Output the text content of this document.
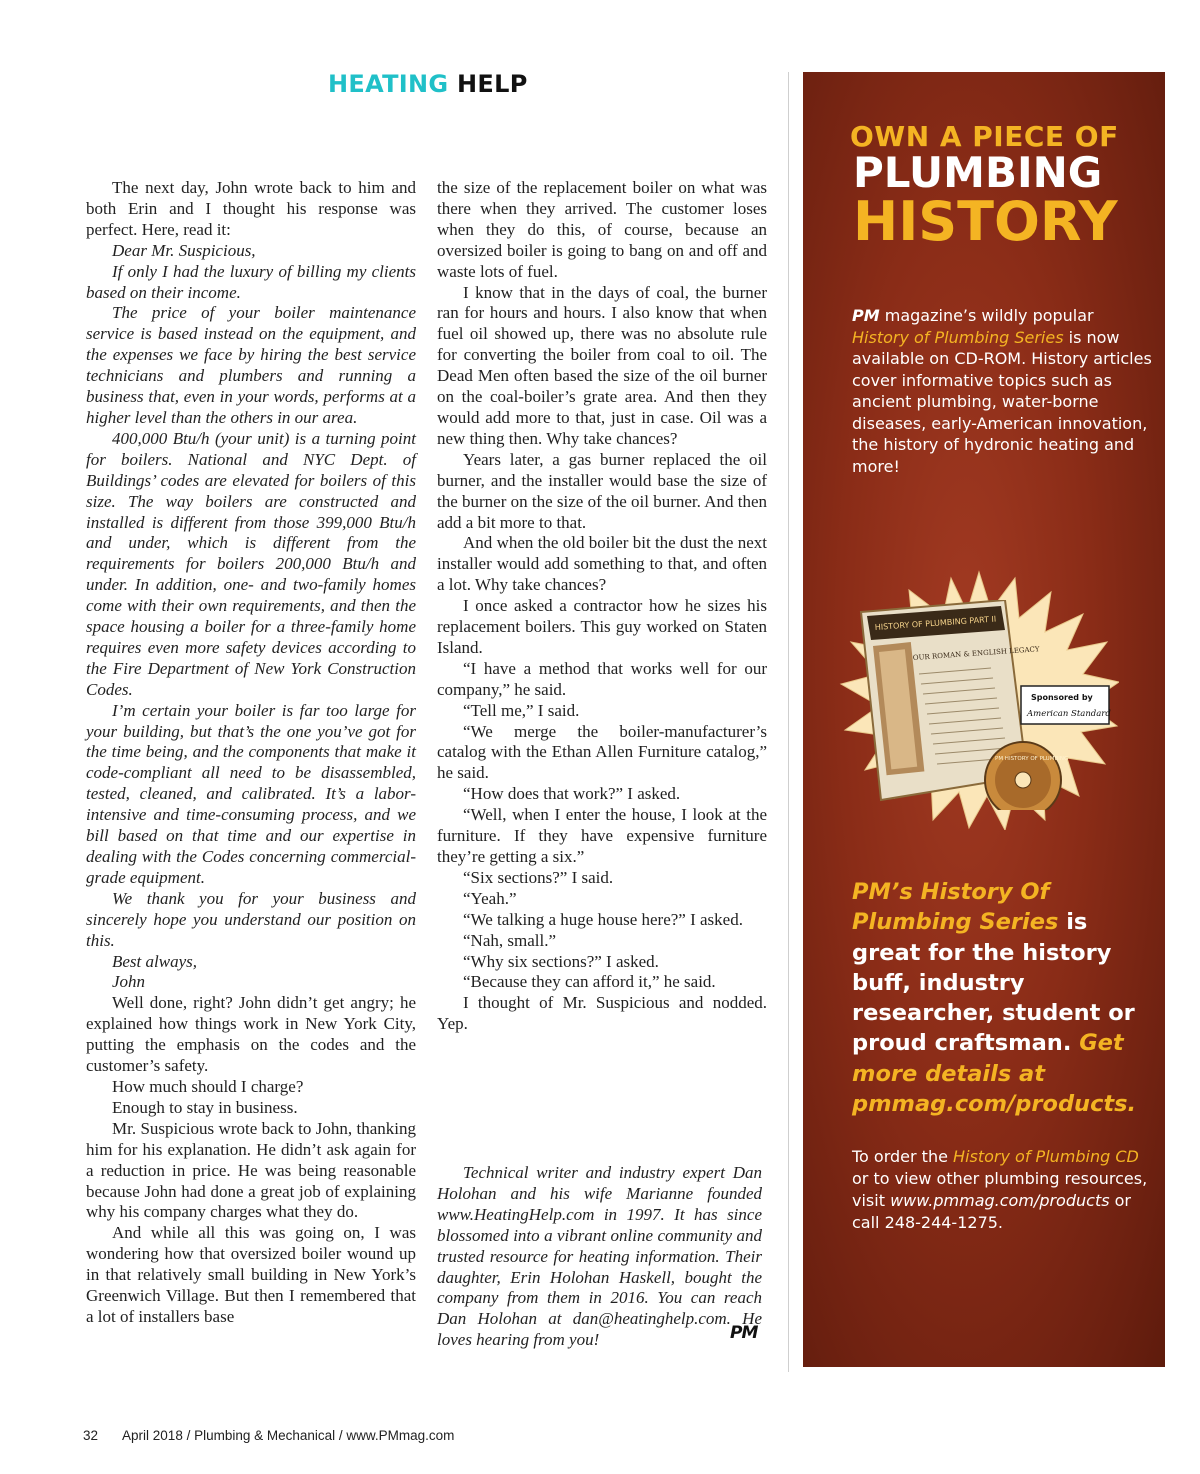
HEATING HELP

The next day, John wrote back to him and both Erin and I thought his response was perfect. Here, read it:

Dear Mr. Suspicious,

If only I had the luxury of billing my clients based on their income.

The price of your boiler maintenance service is based instead on the equipment, and the expenses we face by hiring the best service technicians and plumbers and running a business that, even in your words, performs at a higher level than the others in our area.

400,000 Btu/h (your unit) is a turning point for boilers. National and NYC Dept. of Buildings’ codes are elevated for boilers of this size. The way boilers are constructed and installed is different from those 399,000 Btu/h and under, which is different from the requirements for boilers 200,000 Btu/h and under. In addition, one- and two-family homes come with their own requirements, and then the space housing a boiler for a three-family home requires even more safety devices according to the Fire Department of New York Construction Codes.

I’m certain your boiler is far too large for your building, but that’s the one you’ve got for the time being, and the components that make it code-compliant all need to be disassembled, tested, cleaned, and calibrated. It’s a labor-intensive and time-consuming process, and we bill based on that time and our expertise in dealing with the Codes concerning commercial-grade equipment.

We thank you for your business and sincerely hope you understand our position on this.

Best always,

John

Well done, right? John didn’t get angry; he explained how things work in New York City, putting the emphasis on the codes and the customer’s safety.

How much should I charge?

Enough to stay in business.

Mr. Suspicious wrote back to John, thanking him for his explanation. He didn’t ask again for a reduction in price. He was being reasonable because John had done a great job of explaining why his company charges what they do.

And while all this was going on, I was wondering how that oversized boiler wound up in that relatively small building in New York’s Greenwich Village. But then I remembered that a lot of installers base

the size of the replacement boiler on what was there when they arrived. The customer loses when they do this, of course, because an oversized boiler is going to bang on and off and waste lots of fuel.

I know that in the days of coal, the burner ran for hours and hours. I also know that when fuel oil showed up, there was no absolute rule for converting the boiler from coal to oil. The Dead Men often based the size of the oil burner on the coal-boiler’s grate area. And then they would add more to that, just in case. Oil was a new thing then. Why take chances?

Years later, a gas burner replaced the oil burner, and the installer would base the size of the burner on the size of the oil burner. And then add a bit more to that.

And when the old boiler bit the dust the next installer would add something to that, and often a lot. Why take chances?

I once asked a contractor how he sizes his replacement boilers. This guy worked on Staten Island.

“I have a method that works well for our company,” he said.

“Tell me,” I said.

“We merge the boiler-manufacturer’s catalog with the Ethan Allen Furniture catalog,” he said.

“How does that work?” I asked.

“Well, when I enter the house, I look at the furniture. If they have expensive furniture they’re getting a six.”

“Six sections?” I said.

“Yeah.”

“We talking a huge house here?” I asked.

“Nah, small.”

“Why six sections?” I asked.

“Because they can afford it,” he said.

I thought of Mr. Suspicious and nodded. Yep.

Technical writer and industry expert Dan Holohan and his wife Marianne founded www.HeatingHelp.com in 1997. It has since blossomed into a vibrant online community and trusted resource for heating information. Their daughter, Erin Holohan Haskell, bought the company from them in 2016. You can reach Dan Holohan at dan@heatinghelp.com. He loves hearing from you!	PM
OWN A PIECE OF
PLUMBING
HISTORY
PM magazine’s wildly popular History of Plumbing Series is now available on CD-ROM. History articles cover informative topics such as ancient plumbing, water-borne diseases, early-American innovation, the history of hydronic heating and more!
HISTORY OF PLUMBING PART II
OUR ROMAN & ENGLISH LEGACY
Sponsored by
American Standard
PM HISTORY OF PLUMBING
PM’s History Of Plumbing Series is great for the history buff, industry researcher, student or proud craftsman. Get more details at pmmag.com/products.
To order the History of Plumbing CD or to view other plumbing resources, visit www.pmmag.com/products or call 248-244-1275.
32 April 2018 / Plumbing & Mechanical / www.PMmag.com
